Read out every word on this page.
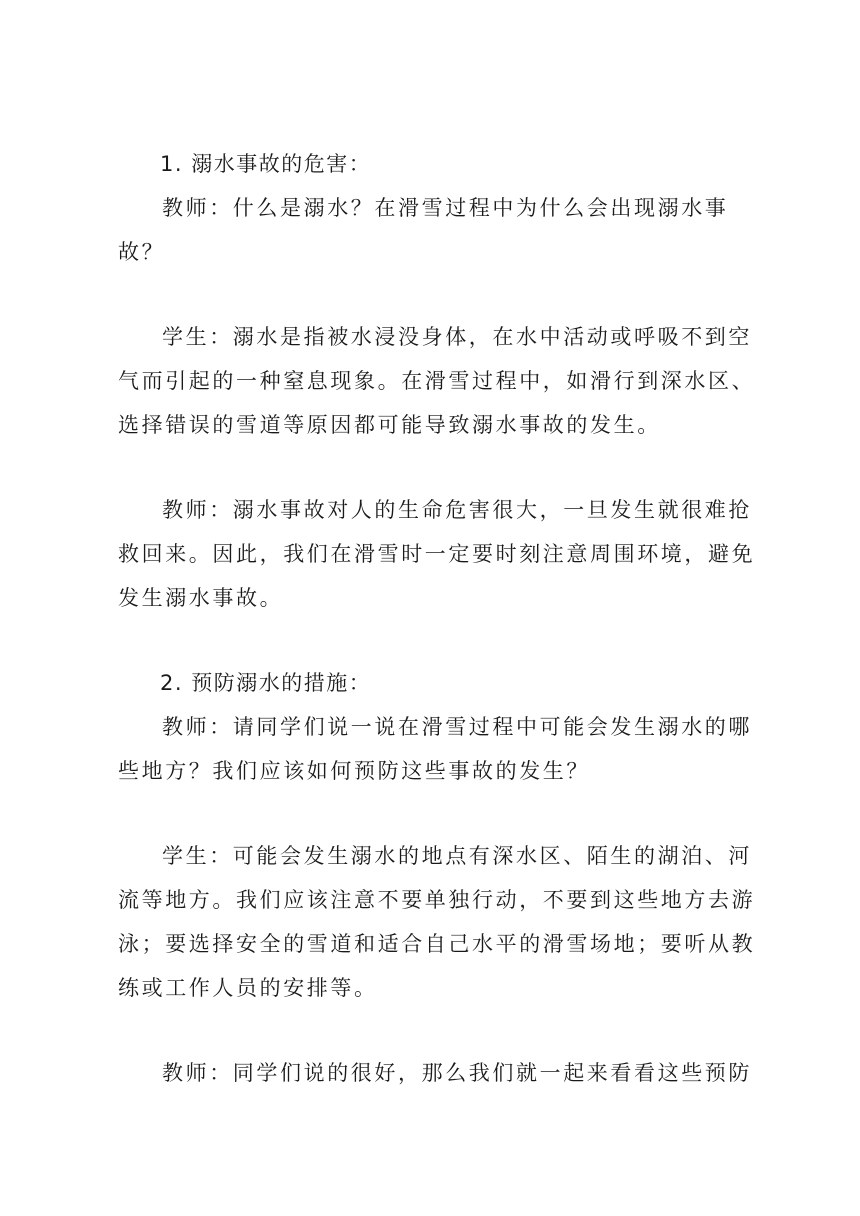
1. 溺水事故的危害：
教师：什么是溺水？在滑雪过程中为什么会出现溺水事
故？
学生：溺水是指被水浸没身体，在水中活动或呼吸不到空
气而引起的一种窒息现象。在滑雪过程中，如滑行到深水区、
选择错误的雪道等原因都可能导致溺水事故的发生。
教师：溺水事故对人的生命危害很大，一旦发生就很难抢
救回来。因此，我们在滑雪时一定要时刻注意周围环境，避免
发生溺水事故。
2. 预防溺水的措施：
教师：请同学们说一说在滑雪过程中可能会发生溺水的哪
些地方？我们应该如何预防这些事故的发生？
学生：可能会发生溺水的地点有深水区、陌生的湖泊、河
流等地方。我们应该注意不要单独行动，不要到这些地方去游
泳；要选择安全的雪道和适合自己水平的滑雪场地；要听从教
练或工作人员的安排等。
教师：同学们说的很好，那么我们就一起来看看这些预防
